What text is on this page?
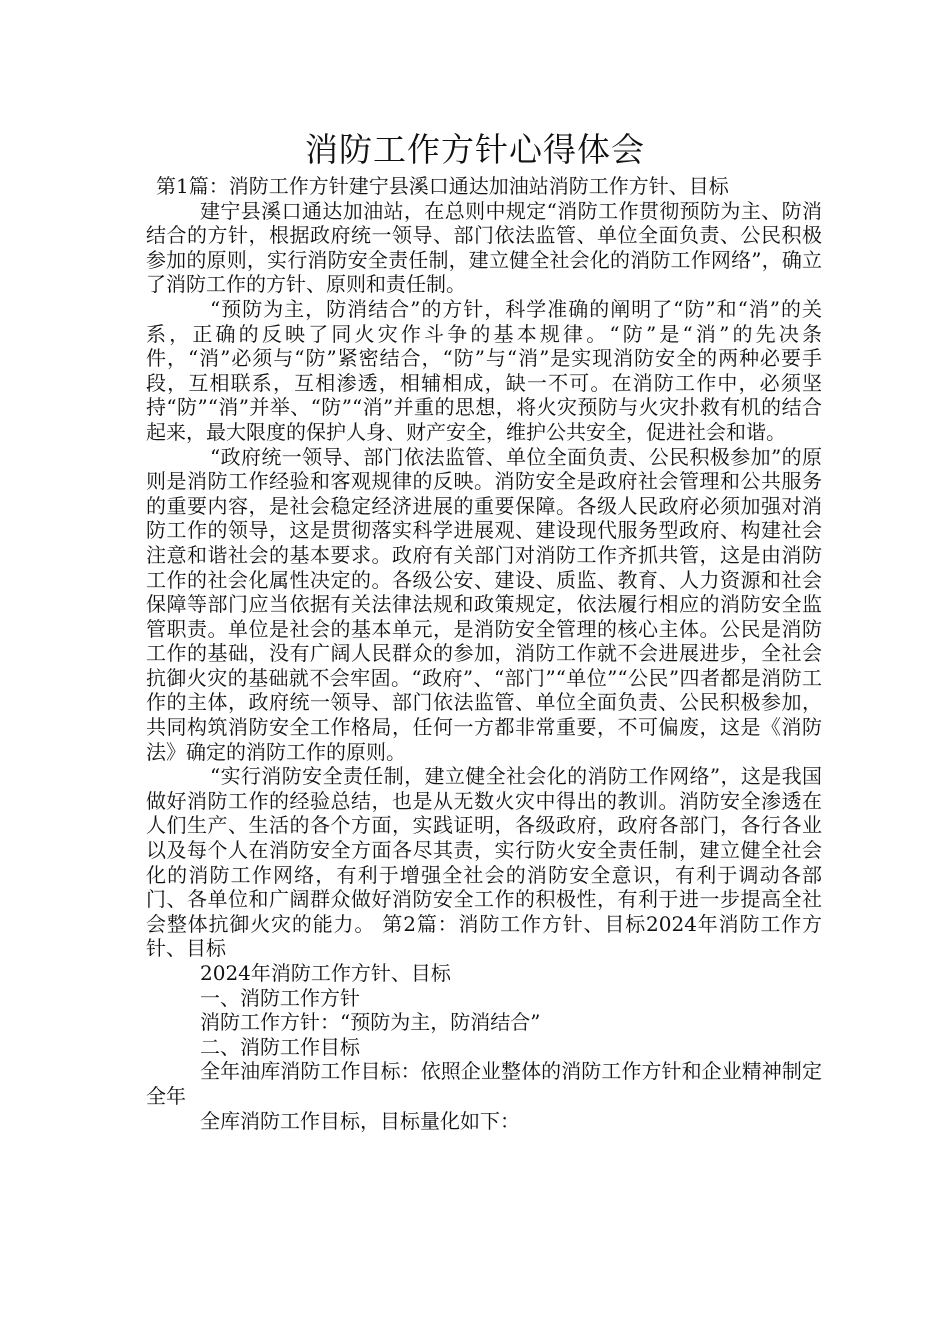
消防工作方针心得体会

第1篇：消防工作方针建宁县溪口通达加油站消防工作方针、目标

建宁县溪口通达加油站，在总则中规定“消防工作贯彻预防为主、防消结合的方针，根据政府统一领导、部门依法监管、单位全面负责、公民积极参加的原则，实行消防安全责任制，建立健全社会化的消防工作网络”，确立了消防工作的方针、原则和责任制。

“预防为主，防消结合”的方针，科学准确的阐明了“防”和“消”的关系，正确的反映了同火灾作斗争的基本规律。“防”是“消”的先决条件，“消”必须与“防”紧密结合，“防”与“消”是实现消防安全的两种必要手段，互相联系，互相渗透，相辅相成，缺一不可。在消防工作中，必须坚持“防”“消”并举、“防”“消”并重的思想，将火灾预防与火灾扑救有机的结合起来，最大限度的保护人身、财产安全，维护公共安全，促进社会和谐。

“政府统一领导、部门依法监管、单位全面负责、公民积极参加”的原则是消防工作经验和客观规律的反映。消防安全是政府社会管理和公共服务的重要内容，是社会稳定经济进展的重要保障。各级人民政府必须加强对消防工作的领导，这是贯彻落实科学进展观、建设现代服务型政府、构建社会注意和谐社会的基本要求。政府有关部门对消防工作齐抓共管，这是由消防工作的社会化属性决定的。各级公安、建设、质监、教育、人力资源和社会保障等部门应当依据有关法律法规和政策规定，依法履行相应的消防安全监管职责。单位是社会的基本单元，是消防安全管理的核心主体。公民是消防工作的基础，没有广阔人民群众的参加，消防工作就不会进展进步，全社会抗御火灾的基础就不会牢固。“政府”、“部门”“单位”“公民”四者都是消防工作的主体，政府统一领导、部门依法监管、单位全面负责、公民积极参加，共同构筑消防安全工作格局，任何一方都非常重要，不可偏废，这是《消防法》确定的消防工作的原则。

“实行消防安全责任制，建立健全社会化的消防工作网络”，这是我国做好消防工作的经验总结，也是从无数火灾中得出的教训。消防安全渗透在人们生产、生活的各个方面，实践证明，各级政府，政府各部门，各行各业以及每个人在消防安全方面各尽其责，实行防火安全责任制，建立健全社会化的消防工作网络，有利于增强全社会的消防安全意识，有利于调动各部门、各单位和广阔群众做好消防安全工作的积极性，有利于进一步提高全社会整体抗御火灾的能力。 第2篇：消防工作方针、目标2024年消防工作方针、目标

2024年消防工作方针、目标

一、消防工作方针

消防工作方针：“预防为主，防消结合”

二、消防工作目标

全年油库消防工作目标：依照企业整体的消防工作方针和企业精神制定全年

全库消防工作目标，目标量化如下：
